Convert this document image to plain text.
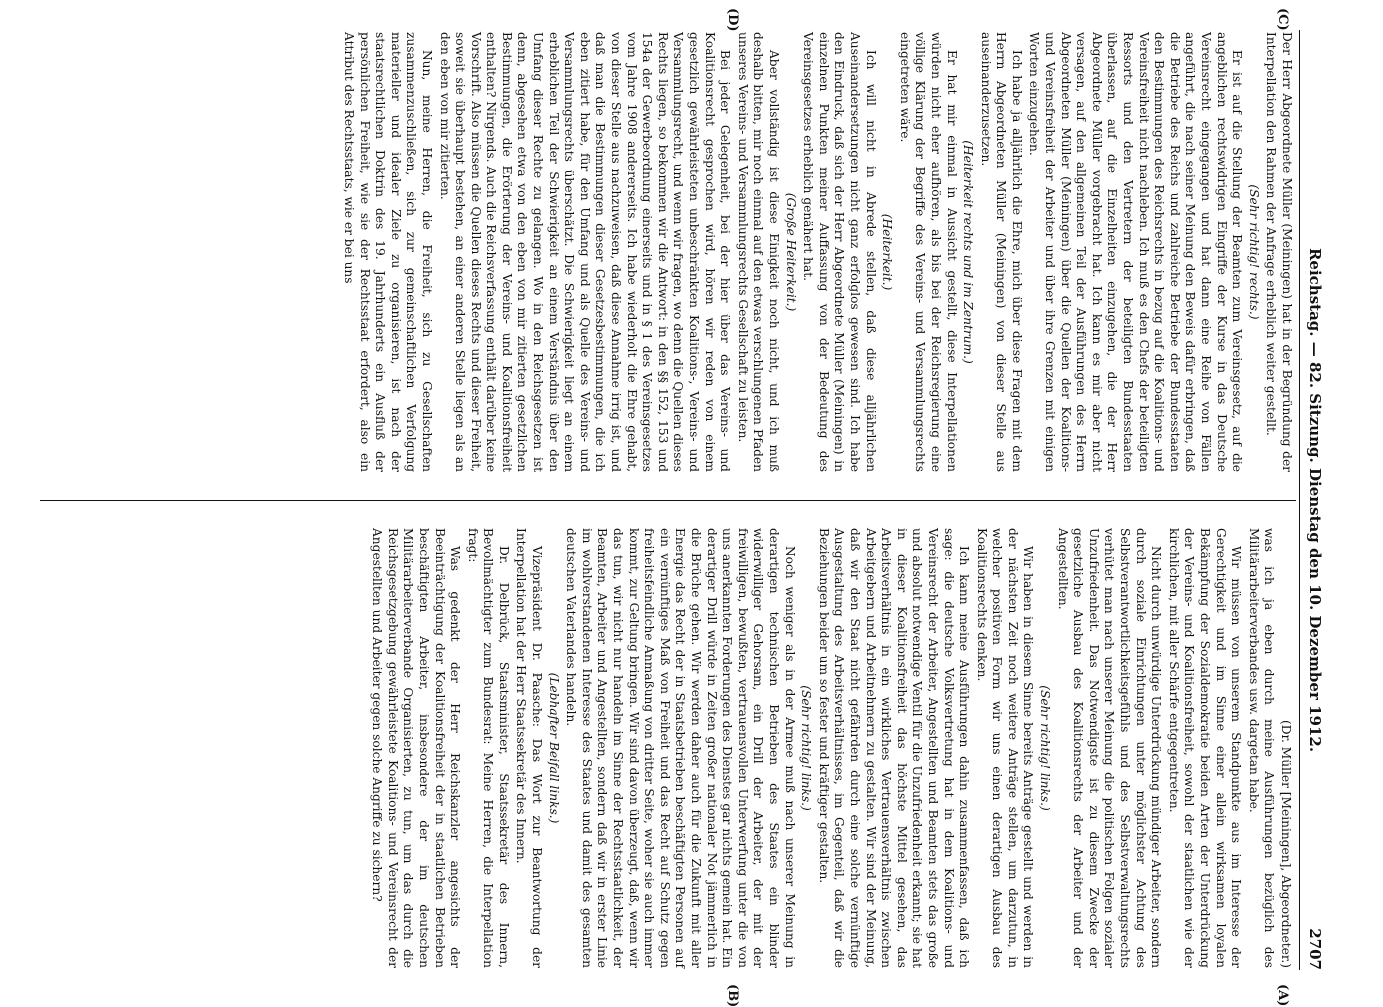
2707
Reichstag. — 82. Sitzung. Dienstag den 10. Dezember 1912.
(C)
(D)
(A)
(B)

Der Herr Abgeordnete Müller (Meiningen) hat in der Begründung der Interpellation den Rahmen der Anfrage erheblich weiter gestellt.

(Sehr richtig! rechts.)

Er ist auf die Stellung der Beamten zum Vereinsgesetz, auf die angeblichen rechtswidrigen Eingriffe der Kurse in das Deutsche Vereinsrecht eingegangen und hat dann eine Reihe von Fällen angeführt, die nach seiner Meinung den Beweis dafür erbringen, daß die Betriebe des Reichs und zahlreiche Betriebe der Bundesstaaten den Bestimmungen des Reichsrechts in bezug auf die Koalitions- und Vereinsfreiheit nicht nachleben. Ich muß es den Chefs der beteiligten Ressorts und den Vertretern der beteiligten Bundesstaaten überlassen, auf die Einzelheiten einzugehen, die der Herr Abgeordnete Müller vorgebracht hat. Ich kann es mir aber nicht versagen, auf den allgemeinen Teil der Ausführungen des Herrn Abgeordneten Müller (Meiningen) über die Quellen der Koalitions- und Vereinsfreiheit der Arbeiter und über ihre Grenzen mit einigen Worten einzugehen.

Ich habe ja alljährlich die Ehre, mich über diese Fragen mit dem Herrn Abgeordneten Müller (Meiningen) von dieser Stelle aus auseinanderzusetzen.

(Heiterkeit rechts und im Zentrum.)

Er hat mir einmal in Aussicht gestellt, diese Interpellationen würden nicht eher aufhören, als bis bei der Reichsregierung eine völlige Klärung der Begriffe des Vereins- und Versammlungsrechts eingetreten wäre.

(Heiterkeit.)

Ich will nicht in Abrede stellen, daß diese alljährlichen Auseinandersetzungen nicht ganz erfolglos gewesen sind. Ich habe den Eindruck, daß sich der Herr Abgeordnete Müller (Meiningen) in einzelnen Punkten meiner Auffassung von der Bedeutung des Vereinsgesetzes erheblich genähert hat.

(Große Heiterkeit.)

Aber vollständig ist diese Einigkeit noch nicht, und ich muß deshalb bitten, mir noch einmal auf den etwas verschlungenen Pfaden unseres Vereins- und Versammlungsrechts Gesellschaft zu leisten.

Bei jeder Gelegenheit, bei der hier über das Vereins- und Koalitionsrecht gesprochen wird, hören wir reden von einem gesetzlich gewährleisteten unbeschränkten Koalitions-, Vereins- und Versammlungsrecht, und wenn wir fragen, wo denn die Quellen dieses Rechts liegen, so bekommen wir die Antwort: in den §§ 152, 153 und 154a der Gewerbeordnung einerseits und in § 1 des Vereinsgesetzes vom Jahre 1908 andererseits. Ich habe wiederholt die Ehre gehabt, von dieser Stelle aus nachzuweisen, daß diese Annahme irrig ist, und daß man die Bestimmungen dieser Gesetzesbestimmungen, die ich eben zitiert habe, für den Umfang und als Quelle des Vereins- und Versammlungsrechts überschätzt. Die Schwierigkeit liegt an einem erheblichen Teil der Schwierigkeit an einem Verständnis über den Umfang dieser Rechte zu gelangen. Wo in den Reichsgesetzen ist denn, abgesehen etwa von den eben von mir zitierten gesetzlichen Bestimmungen, die Erörterung der Vereins- und Koalitionsfreiheit enthalten? Nirgends. Auch die Reichsverfassung enthält darüber keine Vorschrift. Also müssen die Quellen dieses Rechts und dieser Freiheit, soweit sie überhaupt bestehen, an einer anderen Stelle liegen als an den eben von mir zitierten.

Nun, meine Herren, die Freiheit, sich zu Gesellschaften zusammenzuschließen, sich zur gemeinschaftlichen Verfolgung materieller und idealer Ziele zu organisieren, ist nach der staatsrechtlichen Doktrin des 19. Jahrhunderts ein Ausfluß der persönlichen Freiheit, wie sie der Rechtsstaat erfordert, also ein Attribut des Rechtsstaats, wie er bei uns

(Dr. Müller [Meiningen], Abgeordneter.)

was ich ja eben durch meine Ausführungen bezüglich des Militärarbeiterverbandes usw. dargetan habe.

Wir müssen von unserem Standpunkte aus im Interesse der Gerechtigkeit und im Sinne einer allein wirksamen loyalen Bekämpfung der Sozialdemokratie beiden Arten der Unterdrückung der Vereins- und Koalitionsfreiheit, sowohl der staatlichen wie der kirchlichen, mit aller Schärfe entgegentreten.

Nicht durch unwürdige Unterdrückung mündiger Arbeiter, sondern durch soziale Einrichtungen unter möglichster Achtung des Selbstverantwortlichkeitsgefühls und des Selbstverwaltungsrechts verhütet man nach unserer Meinung die politischen Folgen sozialer Unzufriedenheit. Das Notwendigste ist zu diesem Zwecke der gesetzliche Ausbau des Koalitionsrechts der Arbeiter und der Angestellten.

(Sehr richtig! links.)

Wir haben in diesem Sinne bereits Anträge gestellt und werden in der nächsten Zeit noch weitere Anträge stellen, um darzutun, in welcher positiven Form wir uns einen derartigen Ausbau des Koalitionsrechts denken.

Ich kann meine Ausführungen dahin zusammenfassen, daß ich sage: die deutsche Volksvertretung hat in dem Koalitions- und Vereinsrecht der Arbeiter, Angestellten und Beamten stets das große und absolut notwendige Ventil für die Unzufriedenheit erkannt; sie hat in dieser Koalitionsfreiheit das höchste Mittel gesehen, das Arbeitsverhältnis in ein wirkliches Vertrauensverhältnis zwischen Arbeitgebern und Arbeitnehmern zu gestalten. Wir sind der Meinung, daß wir den Staat nicht gefährden durch eine solche vernünftige Ausgestaltung des Arbeitsverhältnisses, im Gegenteil, daß wir die Beziehungen beider um so fester und kräftiger gestalten.

(Sehr richtig! links.)

Noch weniger als in der Armee muß nach unserer Meinung in derartigen technischen Betrieben des Staates ein blinder widerwilliger Gehorsam, ein Drill der Arbeiter, der mit der freiwilligen, bewußten, vertrauensvollen Unterwerfung unter die von uns anerkannten Forderungen des Dienstes gar nichts gemein hat. Ein derartiger Drill würde in Zeiten großer nationaler Not jämmerlich in die Brüche gehen. Wir werden daher auch für die Zukunft mit aller Energie das Recht der in Staatsbetrieben beschäftigten Personen auf ein vernünftiges Maß von Freiheit und das Recht auf Schutz gegen freiheitsfeindliche Anmaßung von dritter Seite, woher sie auch immer kommt, zur Geltung bringen. Wir sind davon überzeugt, daß, wenn wir das tun, wir nicht nur handeln im Sinne der Rechtsstaatlichkeit, der Beamten, Arbeiter und Angestellten, sondern daß wir in erster Linie im wohlverstandenen Interesse des Staates und damit des gesamten deutschen Vaterlandes handeln.

(Lebhafter Beifall links.)

Vizepräsident Dr. Paasche: Das Wort zur Beantwortung der Interpellation hat der Herr Staatssekretär des Innern.

Dr. Delbrück, Staatsminister, Staatssekretär des Innern, Bevollmächtigter zum Bundesrat: Meine Herren, die Interpellation fragt:

Was gedenkt der Herr Reichskanzler angesichts der Beeinträchtigung der Koalitionsfreiheit der in staatlichen Betrieben beschäftigten Arbeiter, insbesondere der im deutschen Militärarbeiterverbande Organisierten, zu tun, um das durch die Reichsgesetzgebung gewährleistete Koalitions- und Vereinsrecht der Angestellten und Arbeiter gegen solche Angriffe zu sichern?
